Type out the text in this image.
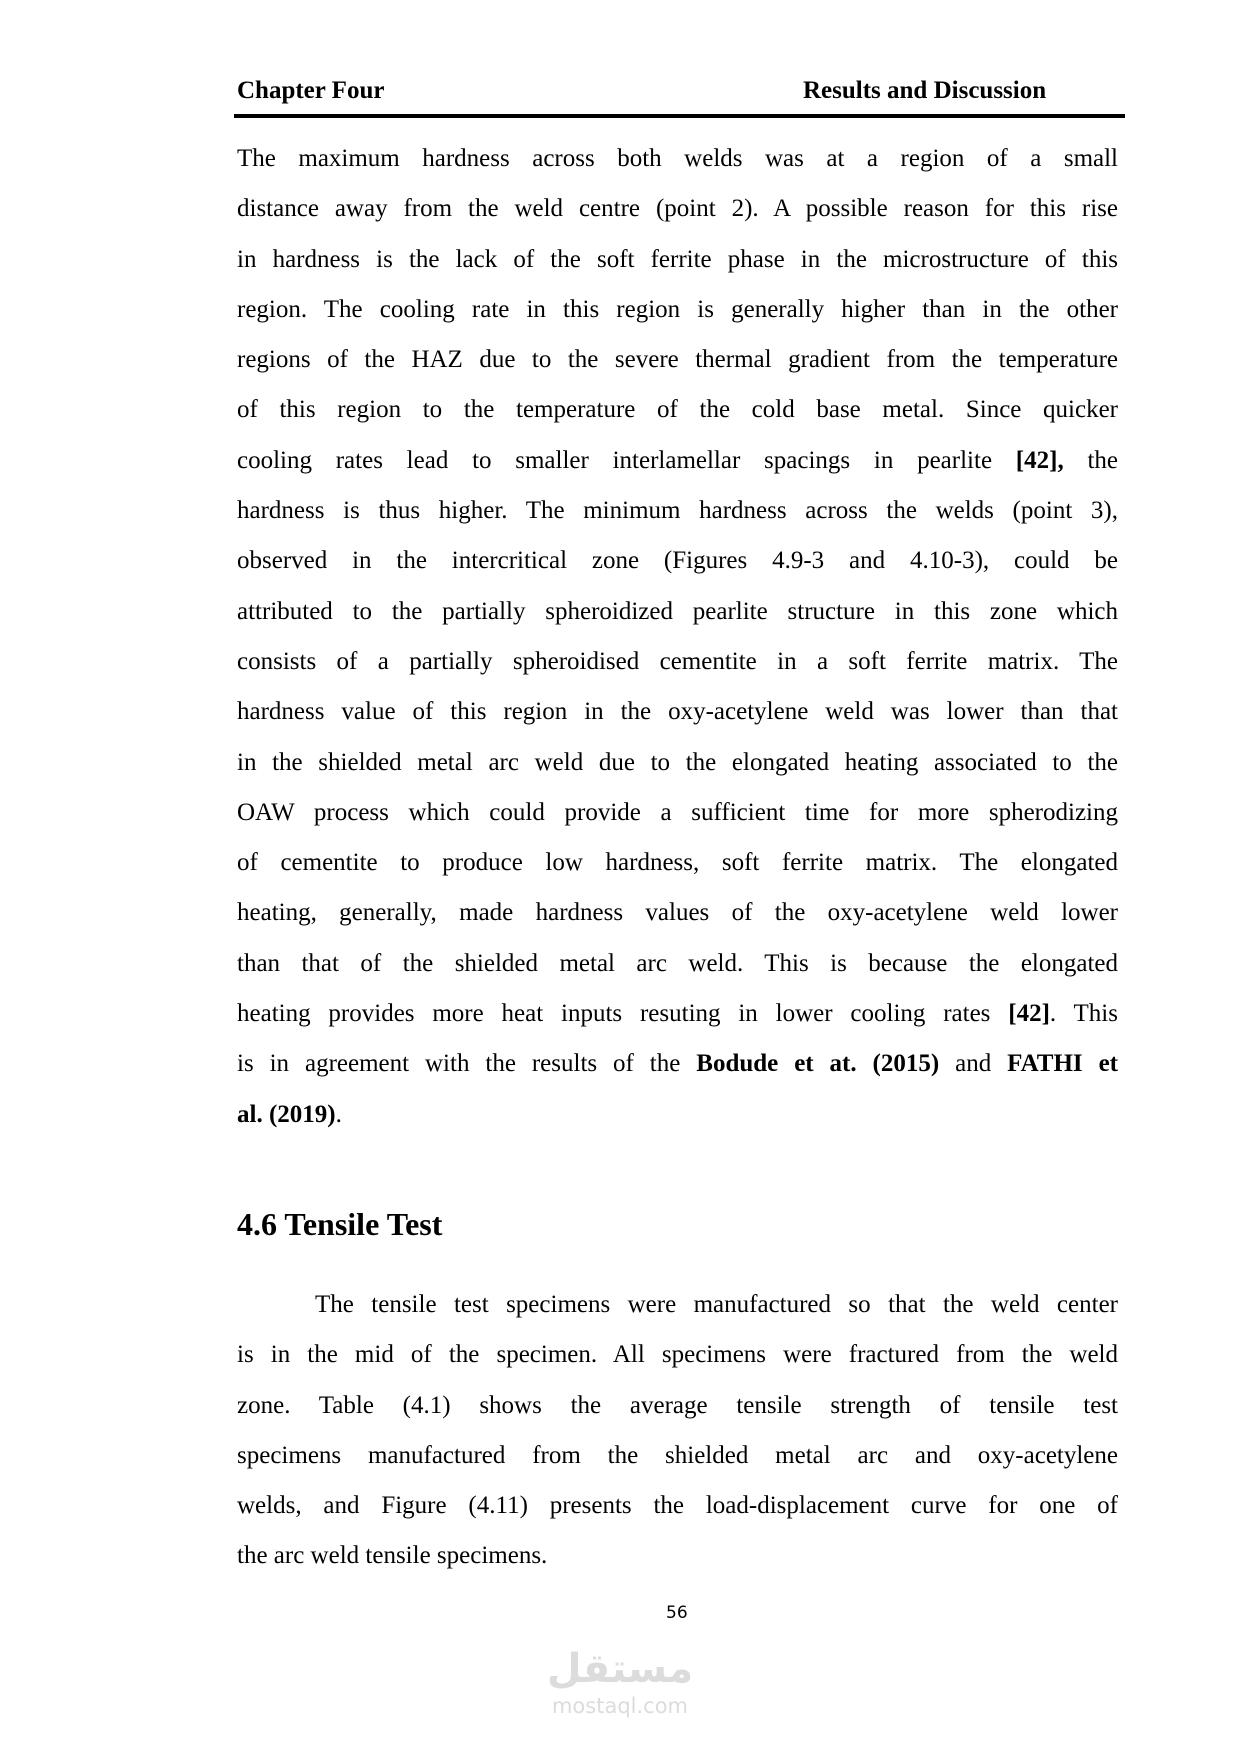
Chapter Four	Results and Discussion
The maximum hardness across both welds was at a region of a small
distance away from the weld centre (point 2). A possible reason for this rise
in hardness is the lack of the soft ferrite phase in the microstructure of this
region. The cooling rate in this region is generally higher than in the other
regions of the HAZ due to the severe thermal gradient from the temperature
of this region to the temperature of the cold base metal. Since quicker
cooling rates lead to smaller interlamellar spacings in pearlite [42], the
hardness is thus higher. The minimum hardness across the welds (point 3),
observed in the intercritical zone (Figures 4.9-3 and 4.10-3), could be
attributed to the partially spheroidized pearlite structure in this zone which
consists of a partially spheroidised cementite in a soft ferrite matrix. The
hardness value of this region in the oxy-acetylene weld was lower than that
in the shielded metal arc weld due to the elongated heating associated to the
OAW process which could provide a sufficient time for more spherodizing
of cementite to produce low hardness, soft ferrite matrix. The elongated
heating, generally, made hardness values of the oxy-acetylene weld lower
than that of the shielded metal arc weld. This is because the elongated
heating provides more heat inputs resuting in lower cooling rates [42]. This
is in agreement with the results of the Bodude et at. (2015) and FATHI et
al. (2019).
4.6 Tensile Test
The tensile test specimens were manufactured so that the weld center
is in the mid of the specimen. All specimens were fractured from the weld
zone. Table (4.1) shows the average tensile strength of tensile test
specimens manufactured from the shielded metal arc and oxy-acetylene
welds, and Figure (4.11) presents the load-displacement curve for one of
the arc weld tensile specimens.
56
مستقل
mostaql.com
